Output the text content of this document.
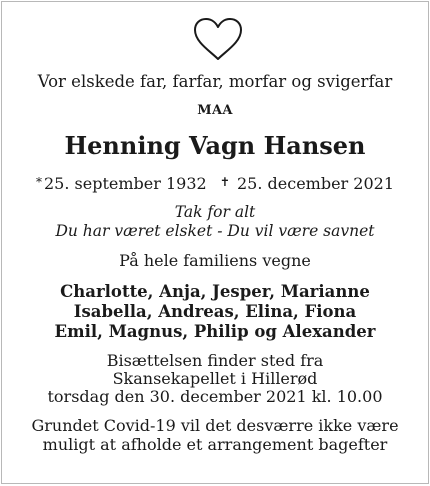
Vor elskede far, farfar, morfar og svigerfar
MAA
Henning Vagn Hansen
* 25. september 1932 ✝ 25. december 2021
Tak for alt
Du har været elsket - Du vil være savnet
På hele familiens vegne
Charlotte, Anja, Jesper, Marianne
Isabella, Andreas, Elina, Fiona
Emil, Magnus, Philip og Alexander
Bisættelsen finder sted fra
Skansekapellet i Hillerød
torsdag den 30. december 2021 kl. 10.00
Grundet Covid-19 vil det desværre ikke være
muligt at afholde et arrangement bagefter
